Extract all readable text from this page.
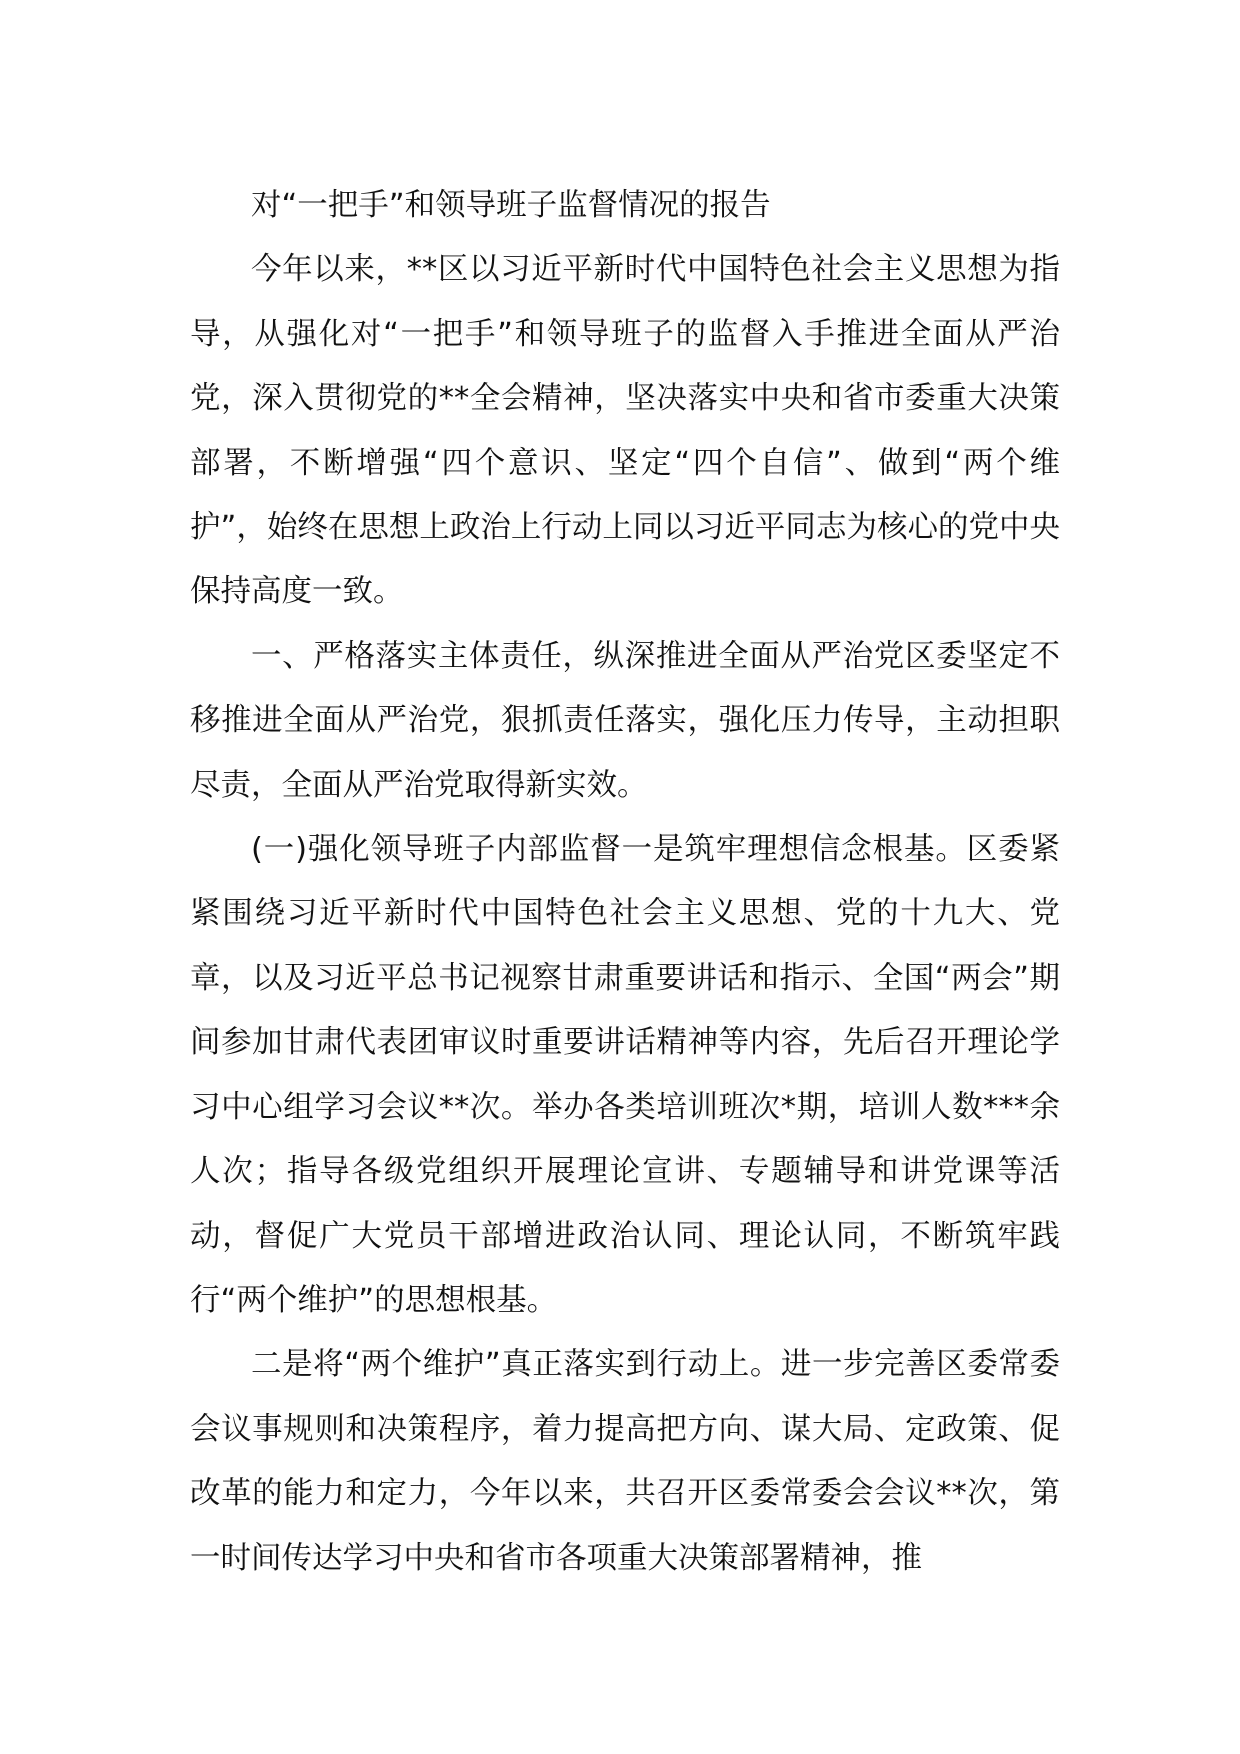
对“一把手”和领导班子监督情况的报告

今年以来，**区以习近平新时代中国特色社会主义思想为指导，从强化对“一把手”和领导班子的监督入手推进全面从严治党，深入贯彻党的**全会精神，坚决落实中央和省市委重大决策部署，不断增强“四个意识、坚定“四个自信”、做到“两个维护”，始终在思想上政治上行动上同以习近平同志为核心的党中央保持高度一致。

一、严格落实主体责任，纵深推进全面从严治党区委坚定不移推进全面从严治党，狠抓责任落实，强化压力传导，主动担职尽责，全面从严治党取得新实效。

(一)强化领导班子内部监督一是筑牢理想信念根基。区委紧紧围绕习近平新时代中国特色社会主义思想、党的十九大、党章，以及习近平总书记视察甘肃重要讲话和指示、全国“两会”期间参加甘肃代表团审议时重要讲话精神等内容，先后召开理论学习中心组学习会议**次。举办各类培训班次*期，培训人数***余人次；指导各级党组织开展理论宣讲、专题辅导和讲党课等活动，督促广大党员干部增进政治认同、理论认同，不断筑牢践行“两个维护”的思想根基。

二是将“两个维护”真正落实到行动上。进一步完善区委常委会议事规则和决策程序，着力提高把方向、谋大局、定政策、促改革的能力和定力，今年以来，共召开区委常委会会议**次，第一时间传达学习中央和省市各项重大决策部署精神，推
